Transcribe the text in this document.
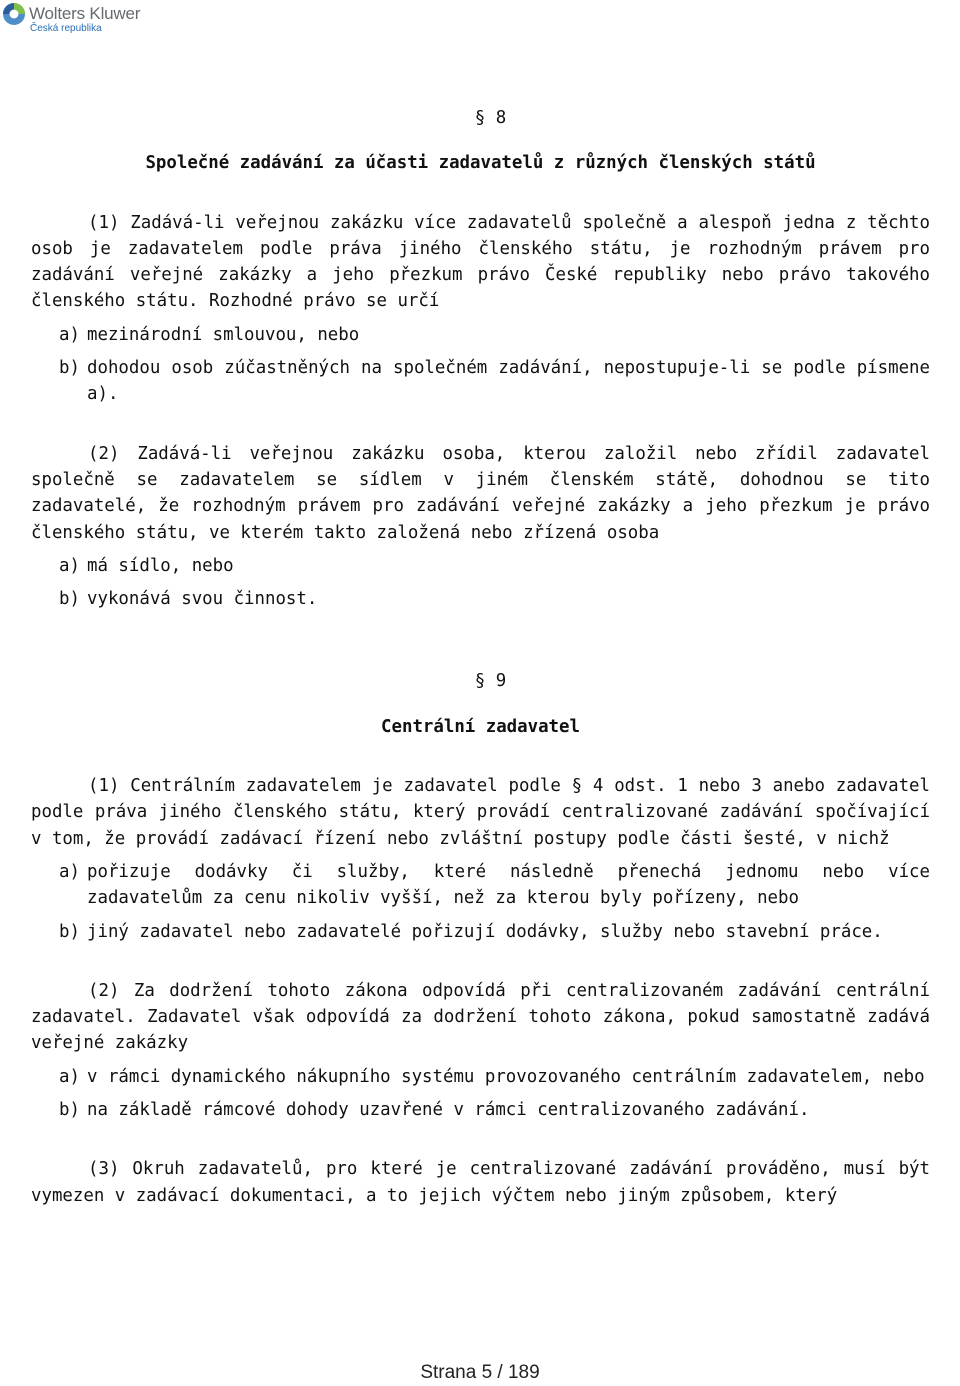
Wolters Kluwer
Česká republika
§ 8
Společné zadávání za účasti zadavatelů z různých členských států

(1) Zadává-li veřejnou zakázku více zadavatelů společně a alespoň jedna z těchto osob je zadavatelem podle práva jiného členského státu, je rozhodným právem pro zadávání veřejné zakázky a jeho přezkum právo České republiky nebo právo takového členského státu. Rozhodné právo se určí

a) mezinárodní smlouvou, nebo
b) dohodou osob zúčastněných na společném zadávání, nepostupuje-li se podle písmene a).

(2) Zadává-li veřejnou zakázku osoba, kterou založil nebo zřídil zadavatel společně se zadavatelem se sídlem v jiném členském státě, dohodnou se tito zadavatelé, že rozhodným právem pro zadávání veřejné zakázky a jeho přezkum je právo členského státu, ve kterém takto založená nebo zřízená osoba

a) má sídlo, nebo
b) vykonává svou činnost.
§ 9
Centrální zadavatel

(1) Centrálním zadavatelem je zadavatel podle § 4 odst. 1 nebo 3 anebo zadavatel podle práva jiného členského státu, který provádí centralizované zadávání spočívající v tom, že provádí zadávací řízení nebo zvláštní postupy podle části šesté, v nichž

a) pořizuje dodávky či služby, které následně přenechá jednomu nebo více zadavatelům za cenu nikoliv vyšší, než za kterou byly pořízeny, nebo
b) jiný zadavatel nebo zadavatelé pořizují dodávky, služby nebo stavební práce.

(2) Za dodržení tohoto zákona odpovídá při centralizovaném zadávání centrální zadavatel. Zadavatel však odpovídá za dodržení tohoto zákona, pokud samostatně zadává veřejné zakázky

a) v rámci dynamického nákupního systému provozovaného centrálním zadavatelem, nebo
b) na základě rámcové dohody uzavřené v rámci centralizovaného zadávání.

(3) Okruh zadavatelů, pro které je centralizované zadávání prováděno, musí být vymezen v zadávací dokumentaci, a to jejich výčtem nebo jiným způsobem, který

Strana 5 / 189
